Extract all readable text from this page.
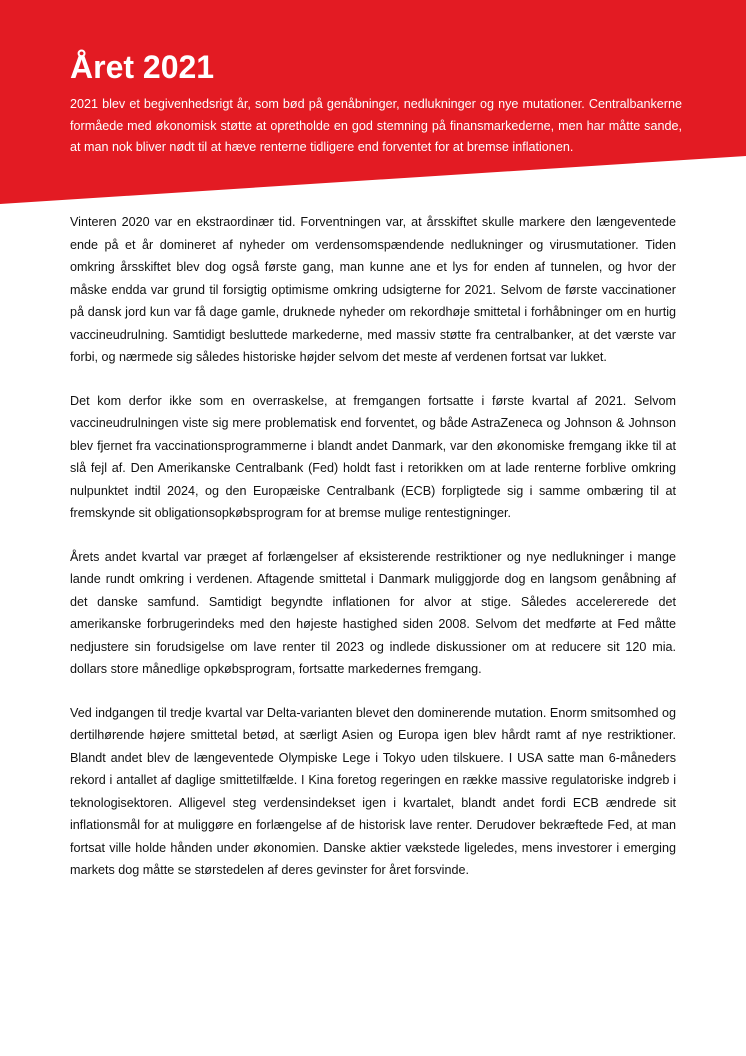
Året 2021

2021 blev et begivenhedsrigt år, som bød på genåbninger, nedlukninger og nye mutationer. Centralbankerne formåede med økonomisk støtte at opretholde en god stemning på finansmarkederne, men har måtte sande, at man nok bliver nødt til at hæve renterne tidligere end forventet for at bremse inflationen.

Vinteren 2020 var en ekstraordinær tid. Forventningen var, at årsskiftet skulle markere den længeventede ende på et år domineret af nyheder om verdensomspændende nedlukninger og virusmutationer. Tiden omkring årsskiftet blev dog også første gang, man kunne ane et lys for enden af tunnelen, og hvor der måske endda var grund til forsigtig optimisme omkring udsigterne for 2021. Selvom de første vaccinationer på dansk jord kun var få dage gamle, druknede nyheder om rekordhøje smittetal i forhåbninger om en hurtig vaccineudrulning. Samtidigt besluttede markederne, med massiv støtte fra centralbanker, at det værste var forbi, og nærmede sig således historiske højder selvom det meste af verdenen fortsat var lukket.

Det kom derfor ikke som en overraskelse, at fremgangen fortsatte i første kvartal af 2021. Selvom vaccineudrulningen viste sig mere problematisk end forventet, og både AstraZeneca og Johnson & Johnson blev fjernet fra vaccinationsprogrammerne i blandt andet Danmark, var den økonomiske fremgang ikke til at slå fejl af. Den Amerikanske Centralbank (Fed) holdt fast i retorikken om at lade renterne forblive omkring nulpunktet indtil 2024, og den Europæiske Centralbank (ECB) forpligtede sig i samme ombæring til at fremskynde sit obligationsopkøbsprogram for at bremse mulige rentestigninger.

Årets andet kvartal var præget af forlængelser af eksisterende restriktioner og nye nedlukninger i mange lande rundt omkring i verdenen. Aftagende smittetal i Danmark muliggjorde dog en langsom genåbning af det danske samfund. Samtidigt begyndte inflationen for alvor at stige. Således accelererede det amerikanske forbrugerindeks med den højeste hastighed siden 2008. Selvom det medførte at Fed måtte nedjustere sin forudsigelse om lave renter til 2023 og indlede diskussioner om at reducere sit 120 mia. dollars store månedlige opkøbsprogram, fortsatte markedernes fremgang.

Ved indgangen til tredje kvartal var Delta-varianten blevet den dominerende mutation. Enorm smitsomhed og dertilhørende højere smittetal betød, at særligt Asien og Europa igen blev hårdt ramt af nye restriktioner. Blandt andet blev de længeventede Olympiske Lege i Tokyo uden tilskuere. I USA satte man 6-måneders rekord i antallet af daglige smittetilfælde. I Kina foretog regeringen en række massive regulatoriske indgreb i teknologisektoren. Alligevel steg verdensindekset igen i kvartalet, blandt andet fordi ECB ændrede sit inflationsmål for at muliggøre en forlængelse af de historisk lave renter. Derudover bekræftede Fed, at man fortsat ville holde hånden under økonomien. Danske aktier vækstede ligeledes, mens investorer i emerging markets dog måtte se størstedelen af deres gevinster for året forsvinde.
